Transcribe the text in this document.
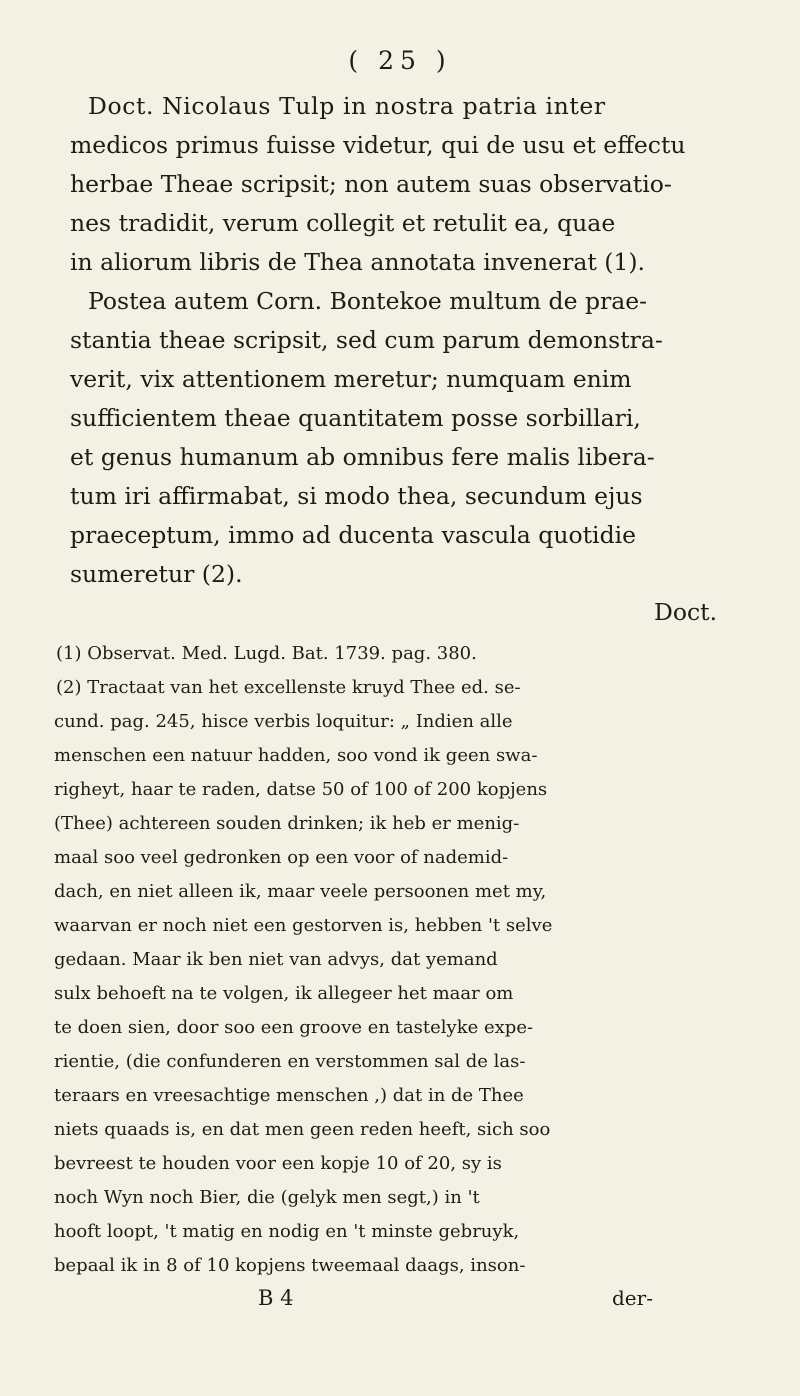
( 25 )
Doct. Nicolaus Tulp in nostra patria inter
medicos primus fuisse videtur, qui de usu et effectu
herbae Theae scripsit; non autem suas observatio-
nes tradidit, verum collegit et retulit ea, quae
in aliorum libris de Thea annotata invenerat (1).
Postea autem Corn. Bontekoe multum de prae-
stantia theae scripsit, sed cum parum demonstra-
verit, vix attentionem meretur; numquam enim
sufficientem theae quantitatem posse sorbillari,
et genus humanum ab omnibus fere malis libera-
tum iri affirmabat, si modo thea, secundum ejus
praeceptum, immo ad ducenta vascula quotidie
sumeretur (2).
Doct.
(1) Observat. Med. Lugd. Bat. 1739. pag. 380.
(2) Tractaat van het excellenste kruyd Thee ed. se-
cund. pag. 245, hisce verbis loquitur: „ Indien alle
menschen een natuur hadden, soo vond ik geen swa-
righeyt, haar te raden, datse 50 of 100 of 200 kopjens
(Thee) achtereen souden drinken; ik heb er menig-
maal soo veel gedronken op een voor of nademid-
dach, en niet alleen ik, maar veele persoonen met my,
waarvan er noch niet een gestorven is, hebben 't selve
gedaan. Maar ik ben niet van advys, dat yemand
sulx behoeft na te volgen, ik allegeer het maar om
te doen sien, door soo een groove en tastelyke expe-
rientie, (die confunderen en verstommen sal de las-
teraars en vreesachtige menschen ,) dat in de Thee
niets quaads is, en dat men geen reden heeft, sich soo
bevreest te houden voor een kopje 10 of 20, sy is
noch Wyn noch Bier, die (gelyk men segt,) in 't
hooft loopt, 't matig en nodig en 't minste gebruyk,
bepaal ik in 8 of 10 kopjens tweemaal daags, inson-
B 4	der-
